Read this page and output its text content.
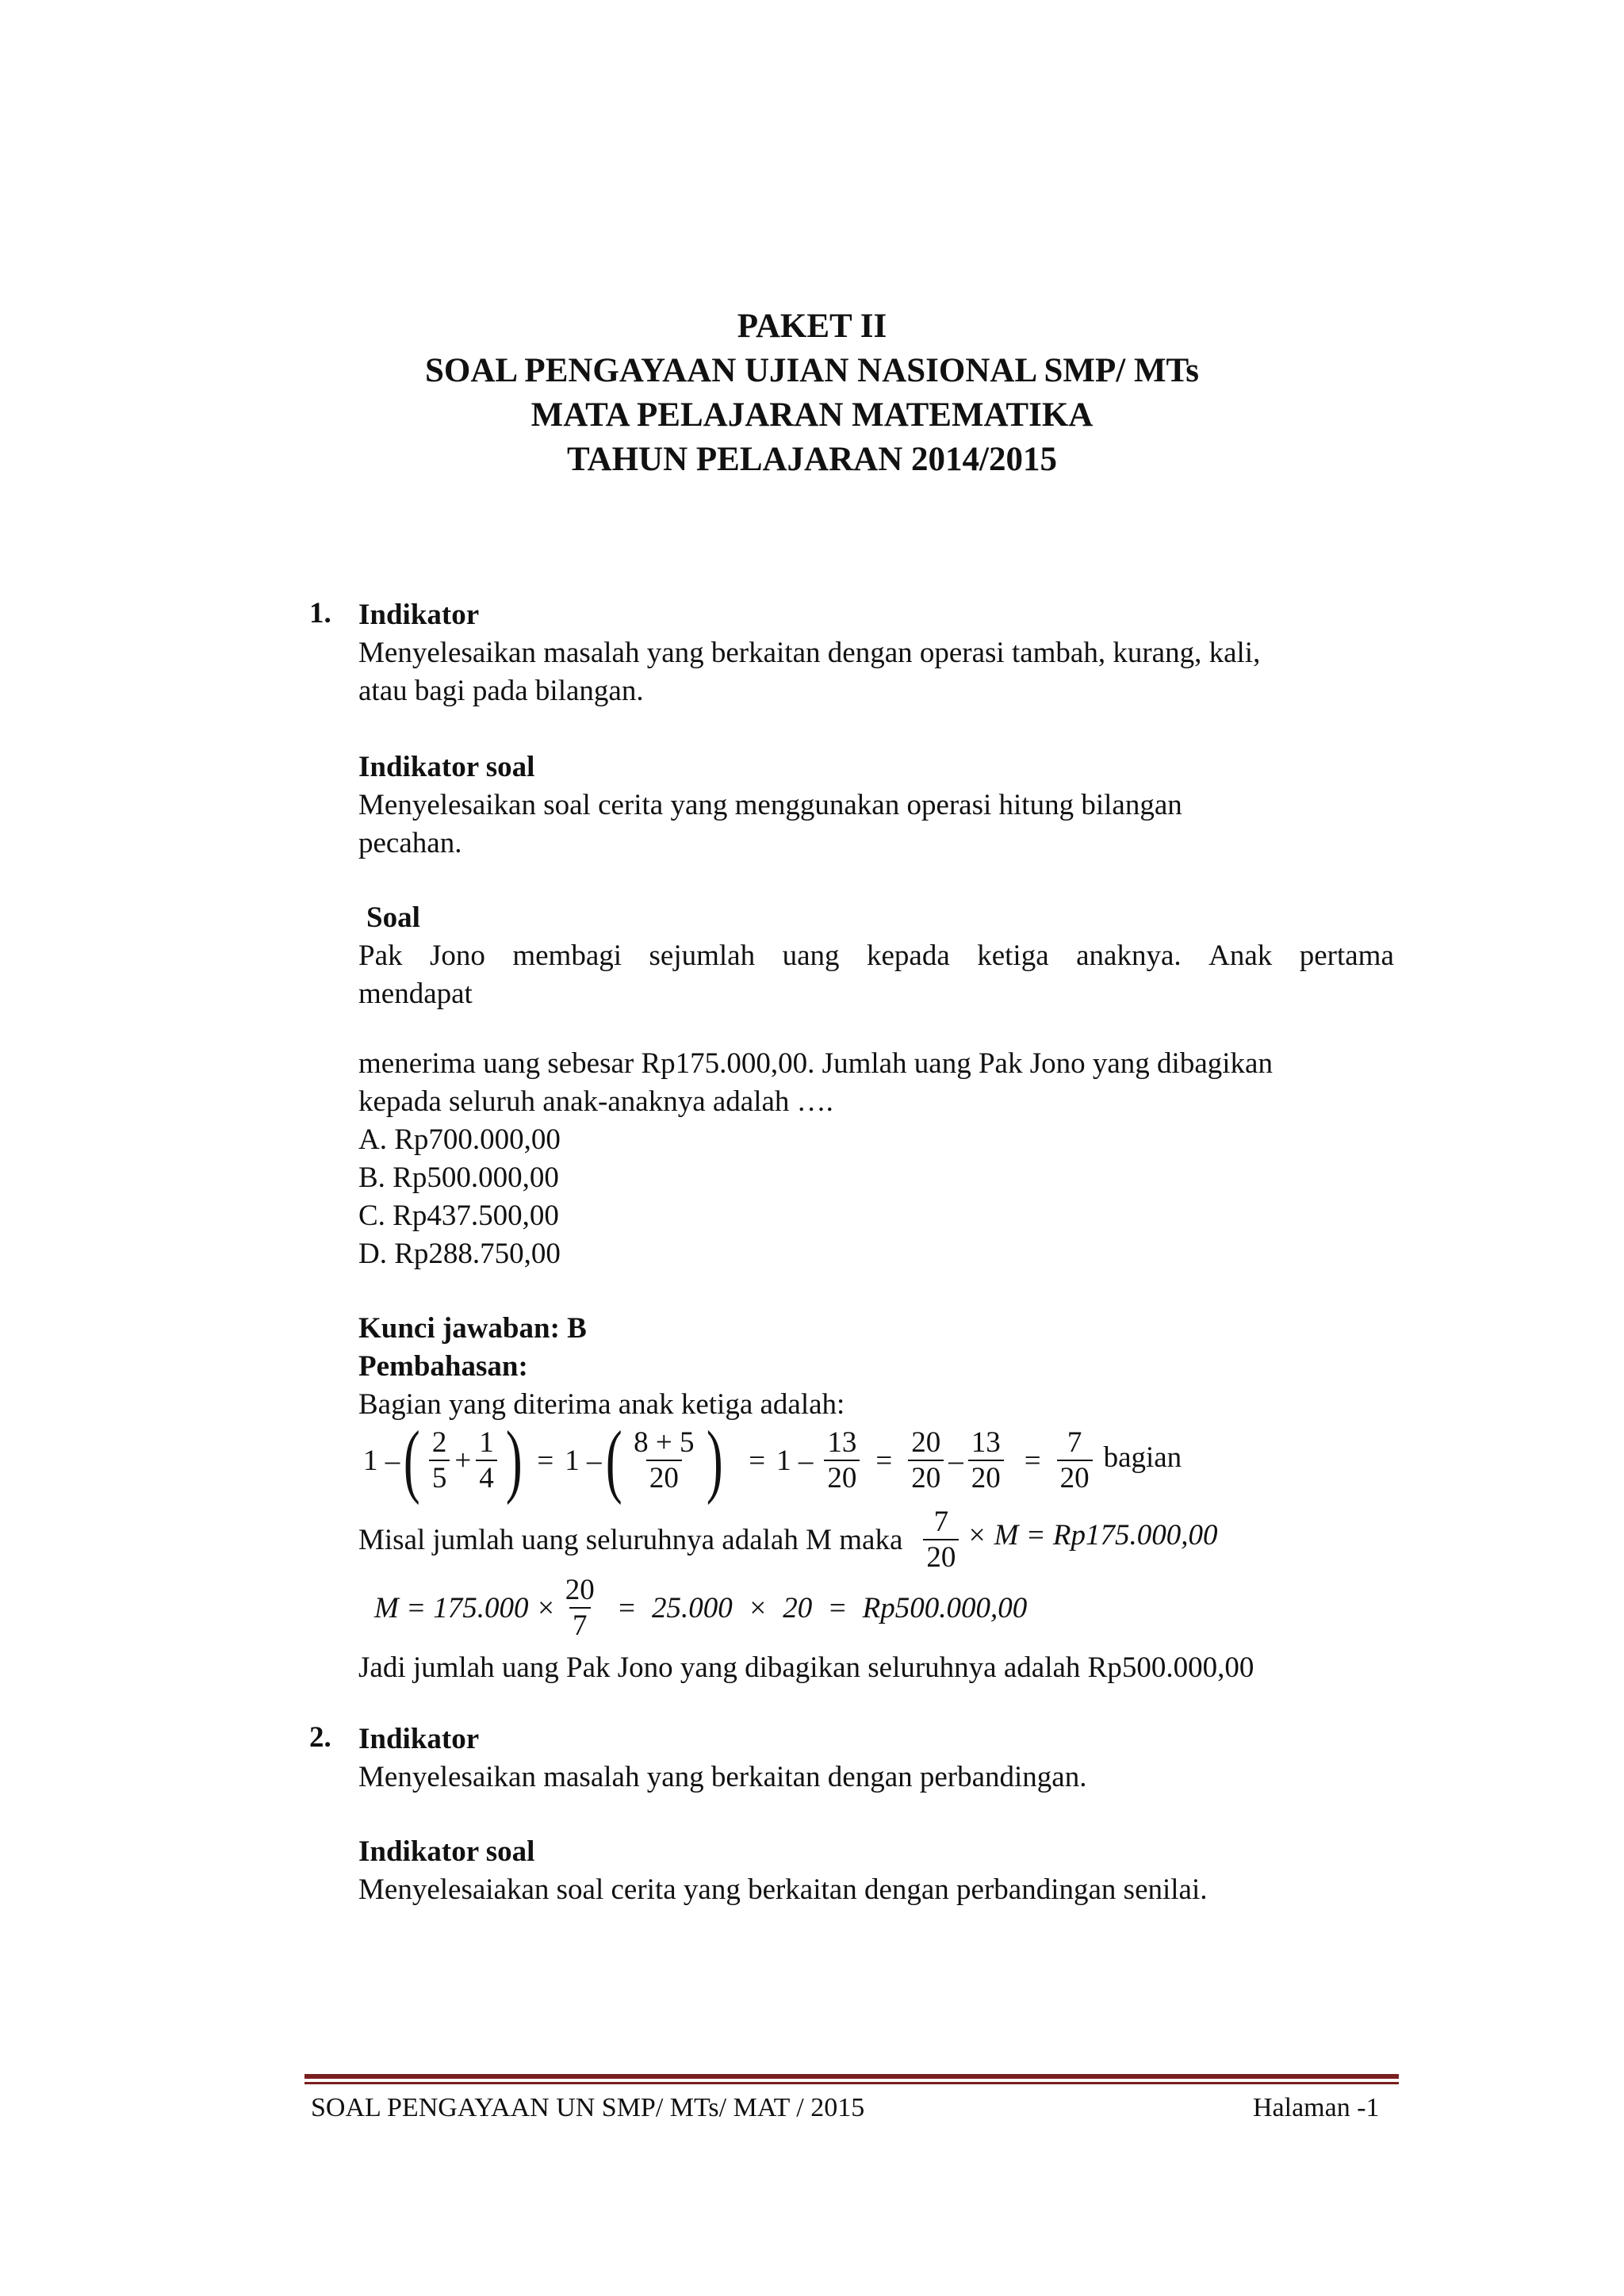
PAKET II
SOAL PENGAYAAN UJIAN NASIONAL SMP/ MTs
MATA PELAJARAN MATEMATIKA
TAHUN PELAJARAN 2014/2015
1. Indikator
Menyelesaikan masalah yang berkaitan dengan operasi tambah, kurang, kali,
atau bagi pada bilangan.
Indikator soal
Menyelesaikan soal cerita yang menggunakan operasi hitung bilangan
pecahan.
Soal
Pak Jono membagi sejumlah uang kepada ketiga anaknya. Anak pertama
mendapat
menerima uang sebesar Rp175.000,00. Jumlah uang Pak Jono yang dibagikan
kepada seluruh anak-anaknya adalah ….
A. Rp700.000,00
B. Rp500.000,00
C. Rp437.500,00
D. Rp288.750,00
Kunci jawaban: B
Pembahasan:
Bagian yang diterima anak ketiga adalah:
1 – ( $\frac{2}{5} + \frac{1}{4}$ ) = 1 – ( $\frac{8 + 5}{20}$ ) = $1 - \frac{13}{20} = \frac{20}{20} - \frac{13}{20} = \frac{7}{20}$ bagian
Misal jumlah uang seluruhnya adalah M maka $\frac{7}{20} \times M = Rp175.000,00$
$M = 175.000 \times \frac{20}{7} = 25.000 \times 20 = Rp500.000,00$
Jadi jumlah uang Pak Jono yang dibagikan seluruhnya adalah Rp500.000,00
2. Indikator
Menyelesaikan masalah yang berkaitan dengan perbandingan.
Indikator soal
Menyelesaiakan soal cerita yang berkaitan dengan perbandingan senilai.
SOAL PENGAYAAN UN SMP/ MTs/ MAT / 2015	Halaman -1
